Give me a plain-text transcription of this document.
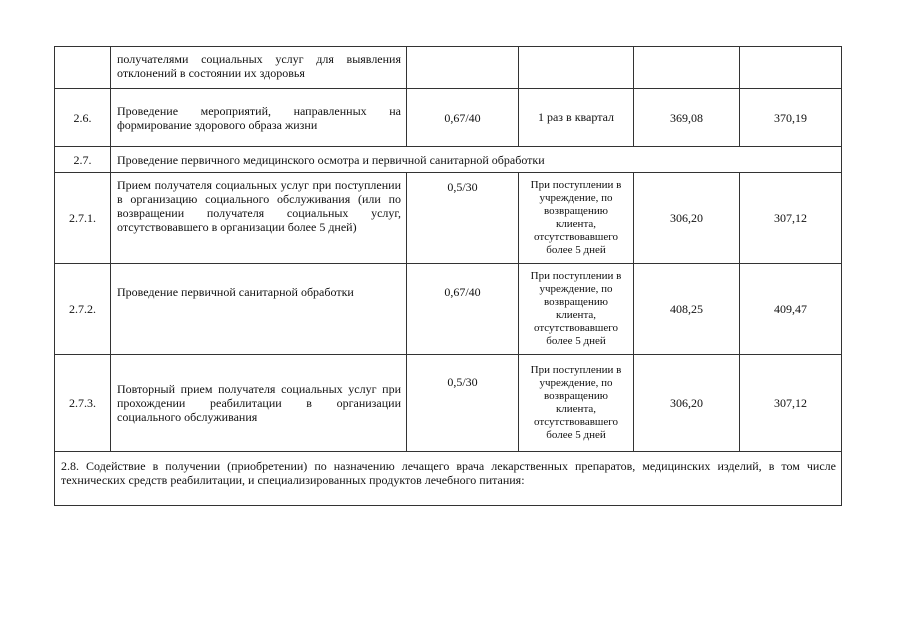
	получателями социальных услуг для выявления отклонений в состоянии их здоровья				
2.6.	Проведение мероприятий, направленных на формирование здорового образа жизни	0,67/40	1 раз в квартал	369,08	370,19
2.7.	Проведение первичного медицинского осмотра и первичной санитарной обработки				
2.7.1.	Прием получателя социальных услуг при поступлении в организацию социального обслуживания (или по возвращении получателя социальных услуг, отсутствовавшего в организации более 5 дней)	0,5/30	При поступлении в учреждение, по возвращению клиента, отсутствовавшего более 5 дней	306,20	307,12
2.7.2.	Проведение первичной санитарной обработки	0,67/40	При поступлении в учреждение, по возвращению клиента, отсутствовавшего более 5 дней	408,25	409,47
2.7.3.	Повторный прием получателя социальных услуг при прохождении реабилитации в организации социального обслуживания	0,5/30	При поступлении в учреждение, по возвращению клиента, отсутствовавшего более 5 дней	306,20	307,12
2.8. Содействие в получении (приобретении) по назначению лечащего врача лекарственных препаратов, медицинских изделий, в том числе технических средств реабилитации, и специализированных продуктов лечебного питания:					
